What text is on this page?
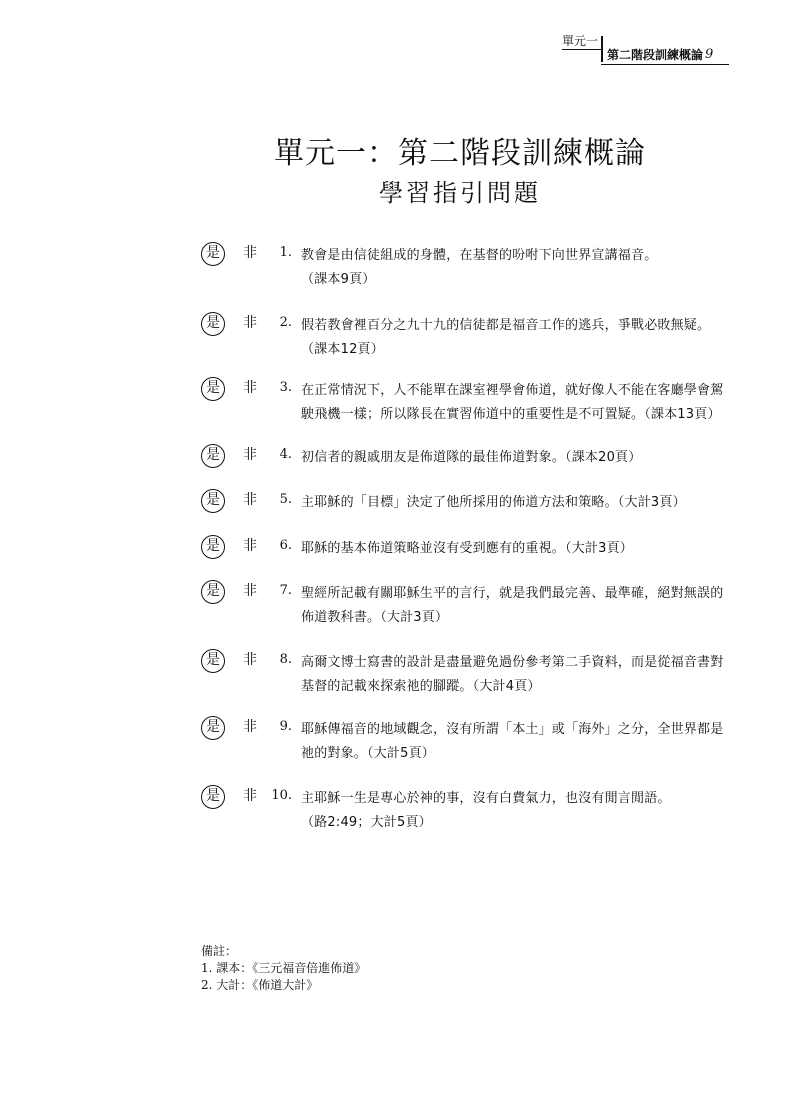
單元一
第二階段訓練概論 9
單元一：第二階段訓練概論
學習指引問題
是	非	1. 教會是由信徒組成的身體，在基督的吩咐下向世界宣講福音。
（課本9頁）
是	非	2. 假若教會裡百分之九十九的信徒都是福音工作的逃兵，爭戰必敗無疑。
（課本12頁）
是	非	3. 在正常情況下，人不能單在課室裡學會佈道，就好像人不能在客廳學會駕
駛飛機一樣；所以隊長在實習佈道中的重要性是不可置疑。（課本13頁）
是	非	4. 初信者的親戚朋友是佈道隊的最佳佈道對象。（課本20頁）
是	非	5. 主耶穌的「目標」決定了他所採用的佈道方法和策略。（大計3頁）
是	非	6. 耶穌的基本佈道策略並沒有受到應有的重視。（大計3頁）
是	非	7. 聖經所記載有關耶穌生平的言行，就是我們最完善、最準確，絕對無誤的
佈道教科書。（大計3頁）
是	非	8. 高爾文博士寫書的設計是盡量避免過份參考第二手資料，而是從福音書對
基督的記載來探索祂的腳蹤。（大計4頁）
是	非	9. 耶穌傳福音的地域觀念，沒有所謂「本土」或「海外」之分，全世界都是
祂的對象。（大計5頁）
是	非	10. 主耶穌一生是專心於神的事，沒有白費氣力，也沒有閒言閒語。
（路2:49；大計5頁）
備註：
1. 課本：《三元福音倍進佈道》
2. 大計：《佈道大計》
